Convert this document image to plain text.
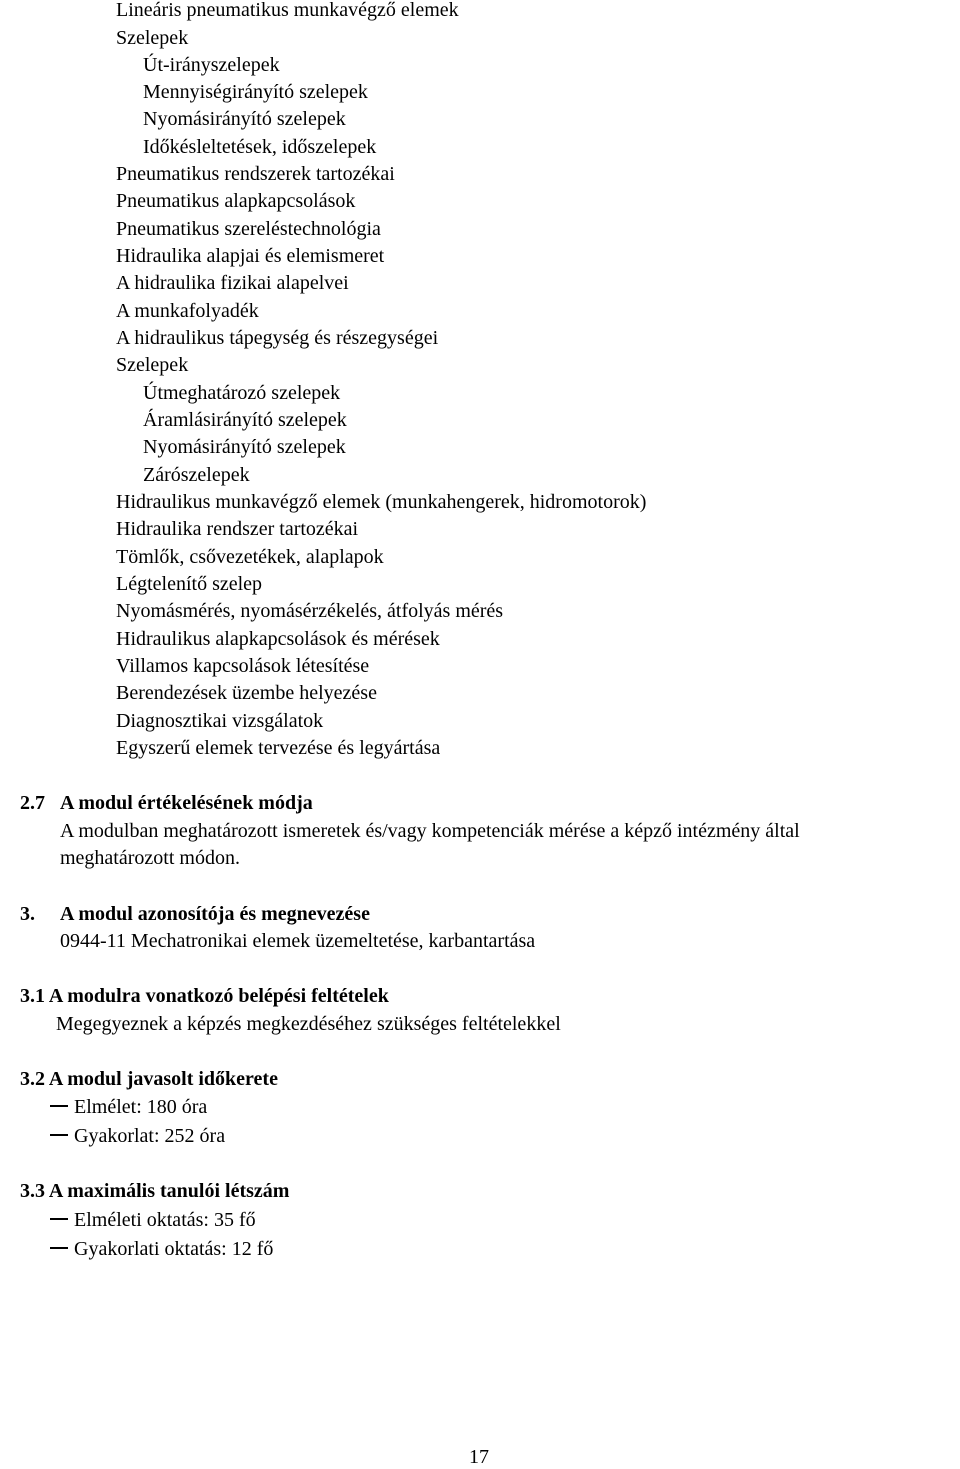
Lineáris pneumatikus munkavégző elemek
Szelepek
Út-irányszelepek
Mennyiségirányító szelepek
Nyomásirányító szelepek
Időkésleltetések, időszelepek
Pneumatikus rendszerek tartozékai
Pneumatikus alapkapcsolások
Pneumatikus szereléstechnológia
Hidraulika alapjai és elemismeret
A hidraulika fizikai alapelvei
A munkafolyadék
A hidraulikus tápegység és részegységei
Szelepek
Útmeghatározó szelepek
Áramlásirányító szelepek
Nyomásirányító szelepek
Zárószelepek
Hidraulikus munkavégző elemek (munkahengerek, hidromotorok)
Hidraulika rendszer tartozékai
Tömlők, csővezetékek, alaplapok
Légtelenítő szelep
Nyomásmérés, nyomásérzékelés, átfolyás mérés
Hidraulikus alapkapcsolások és mérések
Villamos kapcsolások létesítése
Berendezések üzembe helyezése
Diagnosztikai vizsgálatok
Egyszerű elemek tervezése és legyártása
2.7 A modul értékelésének módja
A modulban meghatározott ismeretek és/vagy kompetenciák mérése a képző intézmény által
meghatározott módon.
3. A modul azonosítója és megnevezése
0944-11 Mechatronikai elemek üzemeltetése, karbantartása
3.1 A modulra vonatkozó belépési feltételek
Megegyeznek a képzés megkezdéséhez szükséges feltételekkel
3.2 A modul javasolt időkerete
Elmélet: 180 óra
Gyakorlat: 252 óra
3.3 A maximális tanulói létszám
Elméleti oktatás: 35 fő
Gyakorlati oktatás: 12 fő
17
